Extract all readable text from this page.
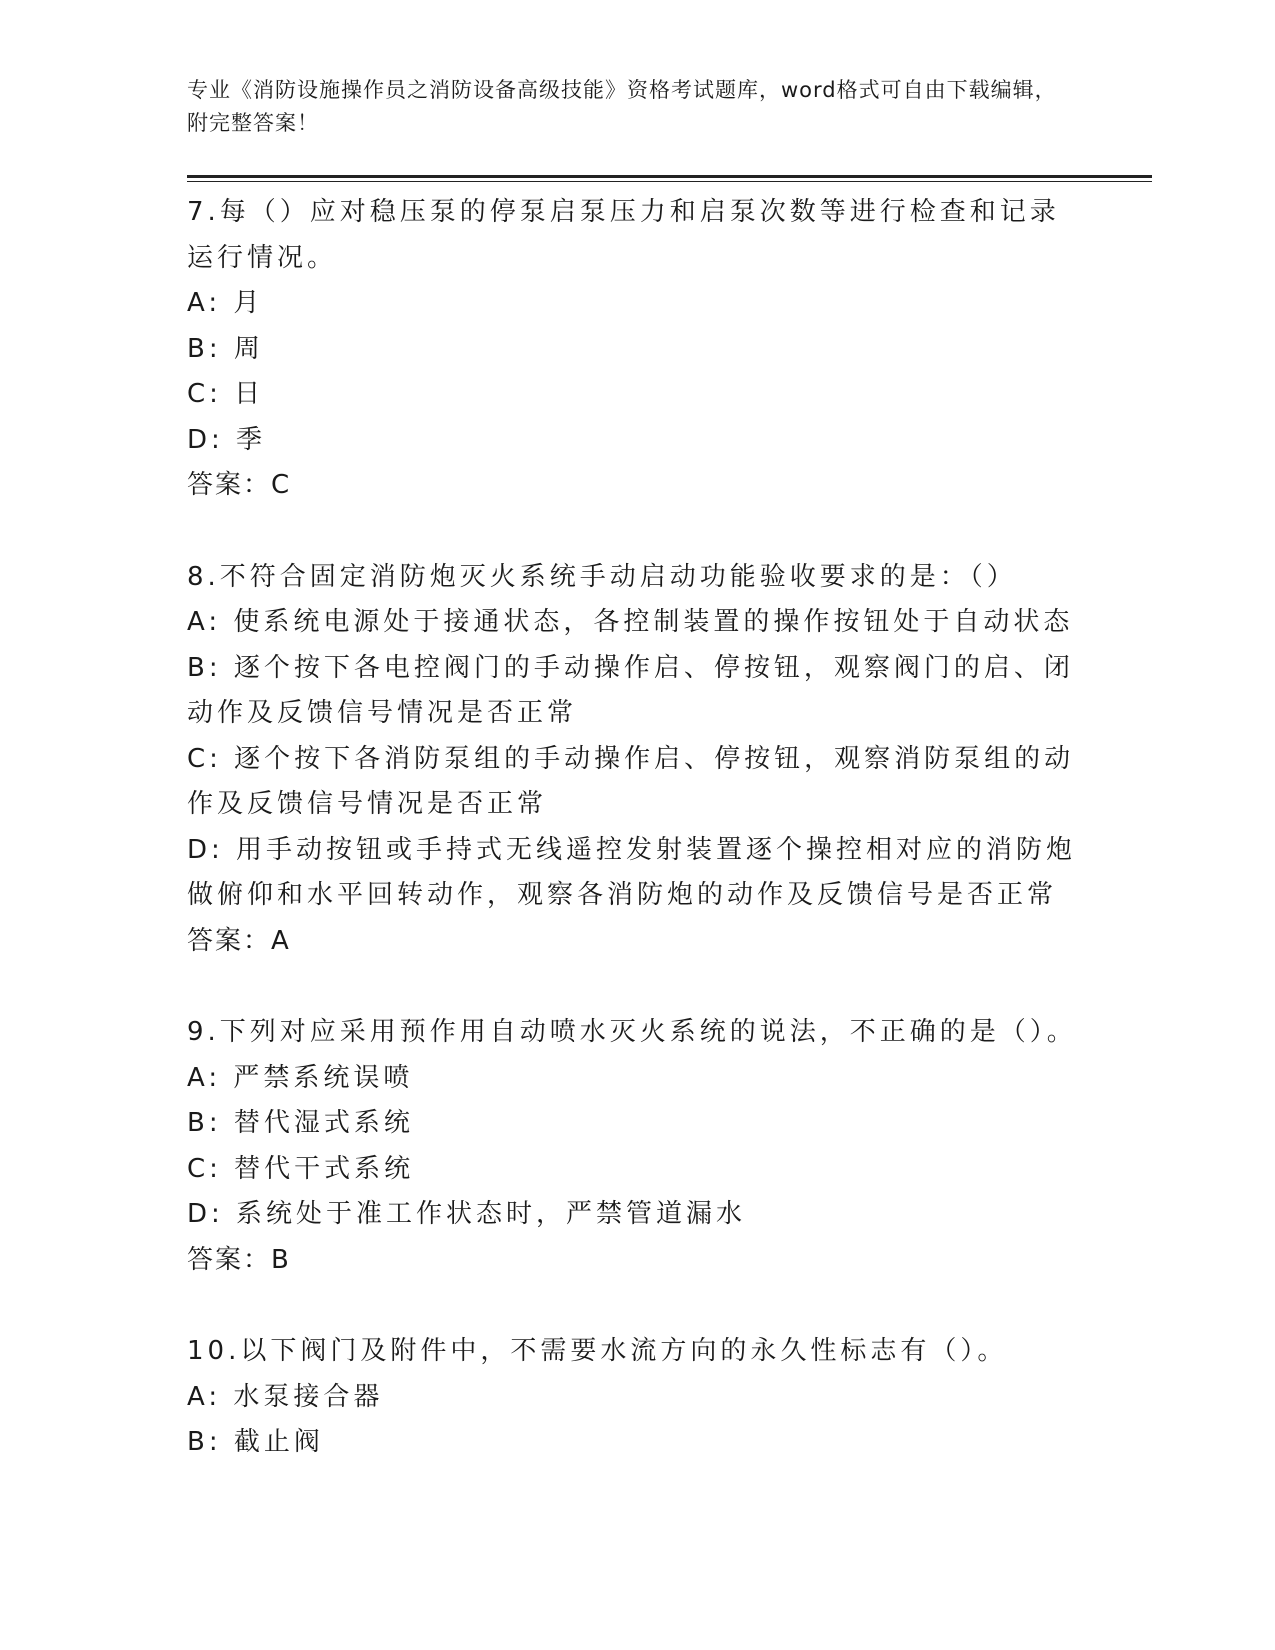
专业《消防设施操作员之消防设备高级技能》资格考试题库，word格式可自由下载编辑，附完整答案！

7.每（）应对稳压泵的停泵启泵压力和启泵次数等进行检查和记录运行情况。

A: 月

B: 周

C: 日

D: 季

答案：C

8.不符合固定消防炮灭火系统手动启动功能验收要求的是：（）

A: 使系统电源处于接通状态，各控制装置的操作按钮处于自动状态

B: 逐个按下各电控阀门的手动操作启、停按钮，观察阀门的启、闭动作及反馈信号情况是否正常

C: 逐个按下各消防泵组的手动操作启、停按钮，观察消防泵组的动作及反馈信号情况是否正常

D: 用手动按钮或手持式无线遥控发射装置逐个操控相对应的消防炮做俯仰和水平回转动作，观察各消防炮的动作及反馈信号是否正常

答案：A

9.下列对应采用预作用自动喷水灭火系统的说法，不正确的是（）。

A: 严禁系统误喷

B: 替代湿式系统

C: 替代干式系统

D: 系统处于准工作状态时，严禁管道漏水

答案：B

10.以下阀门及附件中，不需要水流方向的永久性标志有（）。

A: 水泵接合器

B: 截止阀
